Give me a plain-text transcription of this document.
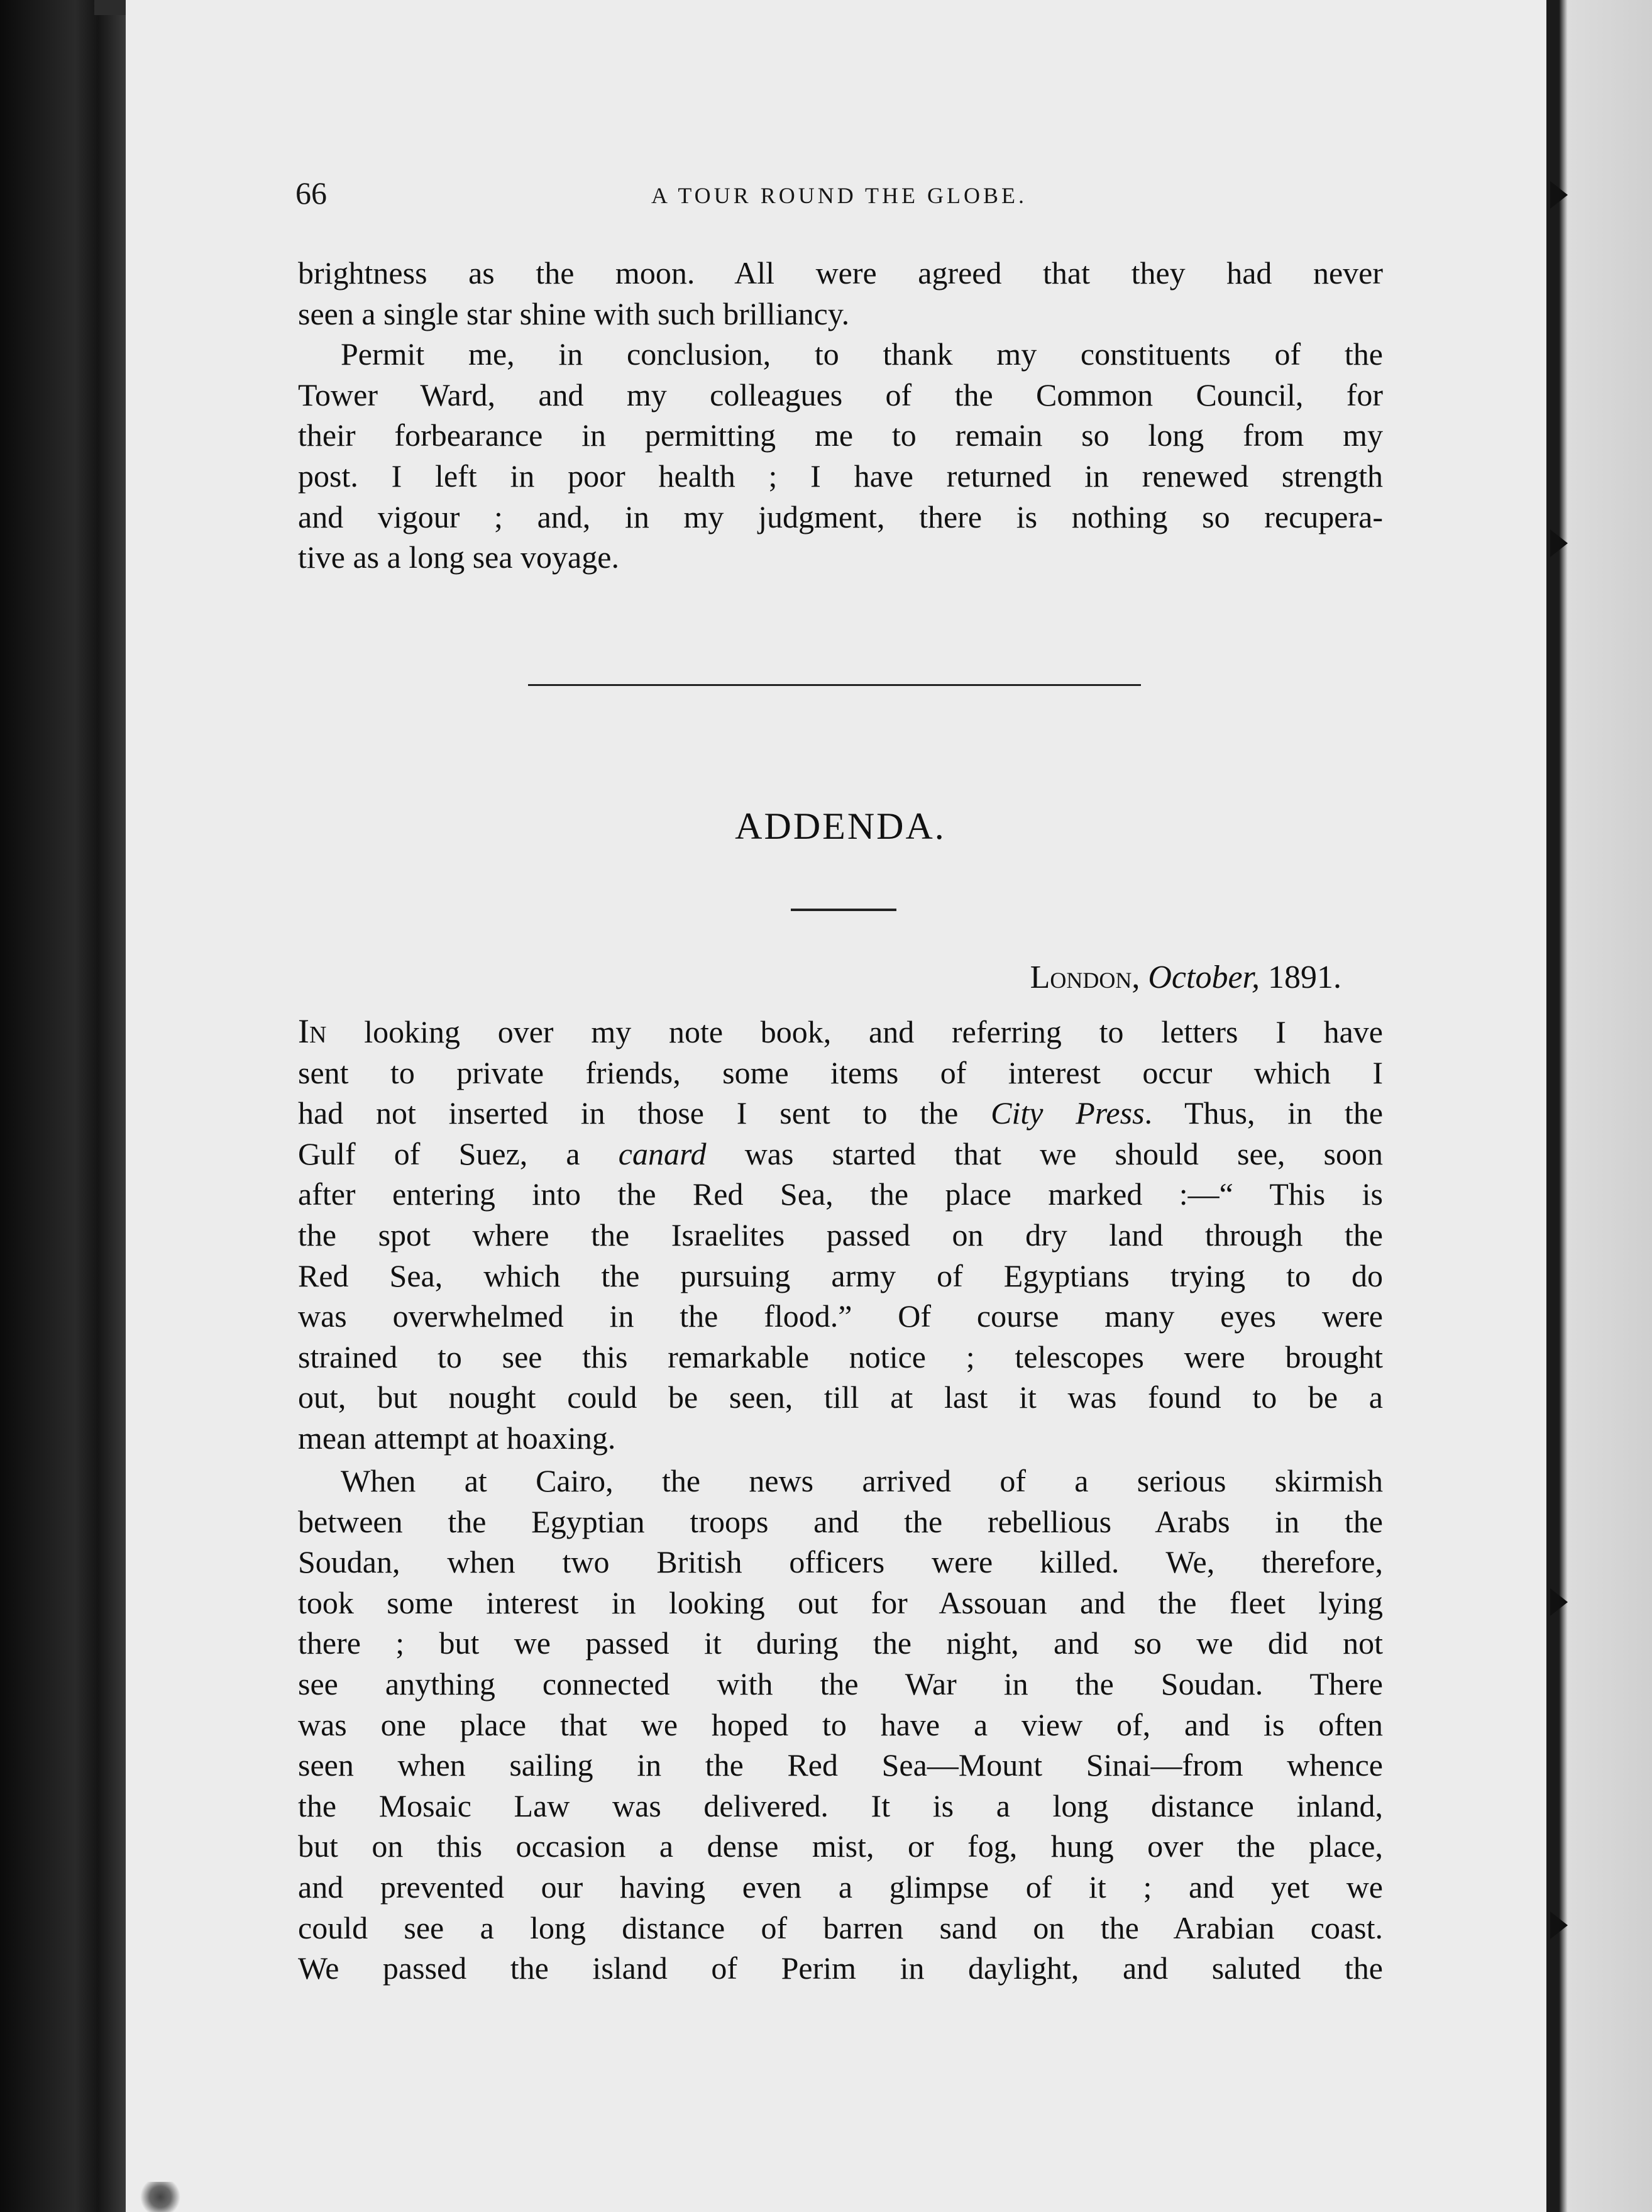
66	A TOUR ROUND THE GLOBE.
brightness as the moon. All were agreed that they had never
seen a single star shine with such brilliancy.
Permit me, in conclusion, to thank my constituents of the
Tower Ward, and my colleagues of the Common Council, for
their forbearance in permitting me to remain so long from my
post. I left in poor health ; I have returned in renewed strength
and vigour ; and, in my judgment, there is nothing so recupera-
tive as a long sea voyage.
ADDENDA.
London, October, 1891.
In looking over my note book, and referring to letters I have
sent to private friends, some items of interest occur which I
had not inserted in those I sent to the City Press. Thus, in the
Gulf of Suez, a canard was started that we should see, soon
after entering into the Red Sea, the place marked :—“ This is
the spot where the Israelites passed on dry land through the
Red Sea, which the pursuing army of Egyptians trying to do
was overwhelmed in the flood.” Of course many eyes were
strained to see this remarkable notice ; telescopes were brought
out, but nought could be seen, till at last it was found to be a
mean attempt at hoaxing.
When at Cairo, the news arrived of a serious skirmish
between the Egyptian troops and the rebellious Arabs in the
Soudan, when two British officers were killed. We, therefore,
took some interest in looking out for Assouan and the fleet lying
there ; but we passed it during the night, and so we did not
see anything connected with the War in the Soudan. There
was one place that we hoped to have a view of, and is often
seen when sailing in the Red Sea—Mount Sinai—from whence
the Mosaic Law was delivered. It is a long distance inland,
but on this occasion a dense mist, or fog, hung over the place,
and prevented our having even a glimpse of it ; and yet we
could see a long distance of barren sand on the Arabian coast.
We passed the island of Perim in daylight, and saluted the
